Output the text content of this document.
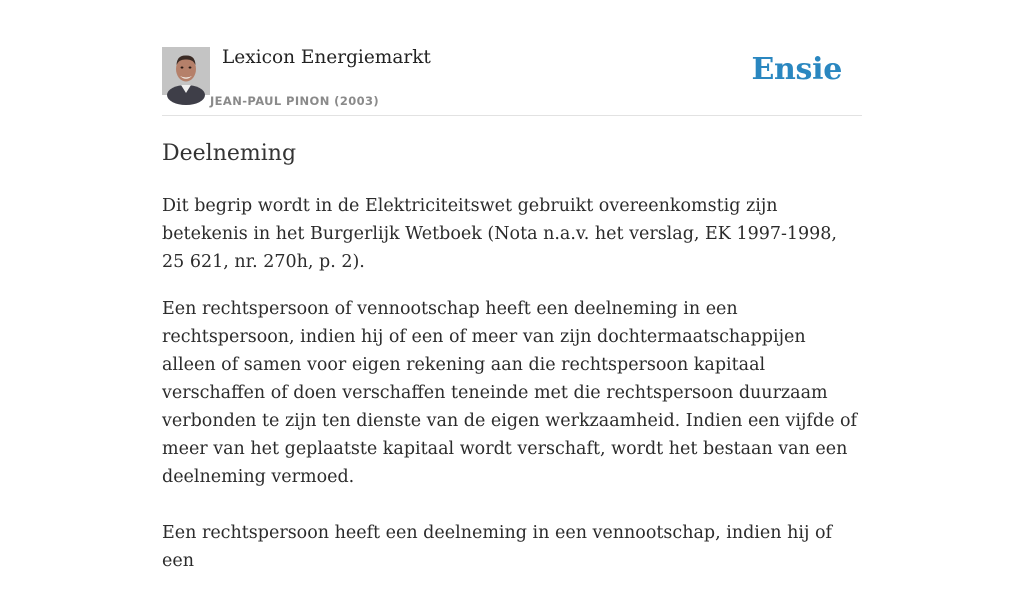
Lexicon Energiemarkt
JEAN-PAUL PINON (2003)
Ensie
Deelneming

Dit begrip wordt in de Elektriciteitswet gebruikt overeenkomstig zijn betekenis in het Burgerlijk Wetboek (Nota n.a.v. het verslag, EK 1997-1998, 25 621, nr. 270h, p. 2).

Een rechtspersoon of vennootschap heeft een deelneming in een rechtspersoon, indien hij of een of meer van zijn dochtermaatschappijen alleen of samen voor eigen rekening aan die rechtspersoon kapitaal verschaffen of doen verschaffen teneinde met die rechtspersoon duurzaam verbonden te zijn ten dienste van de eigen werkzaamheid. Indien een vijfde of meer van het geplaatste kapitaal wordt verschaft, wordt het bestaan van een deelneming vermoed.

Een rechtspersoon heeft een deelneming in een vennootschap, indien hij of een
